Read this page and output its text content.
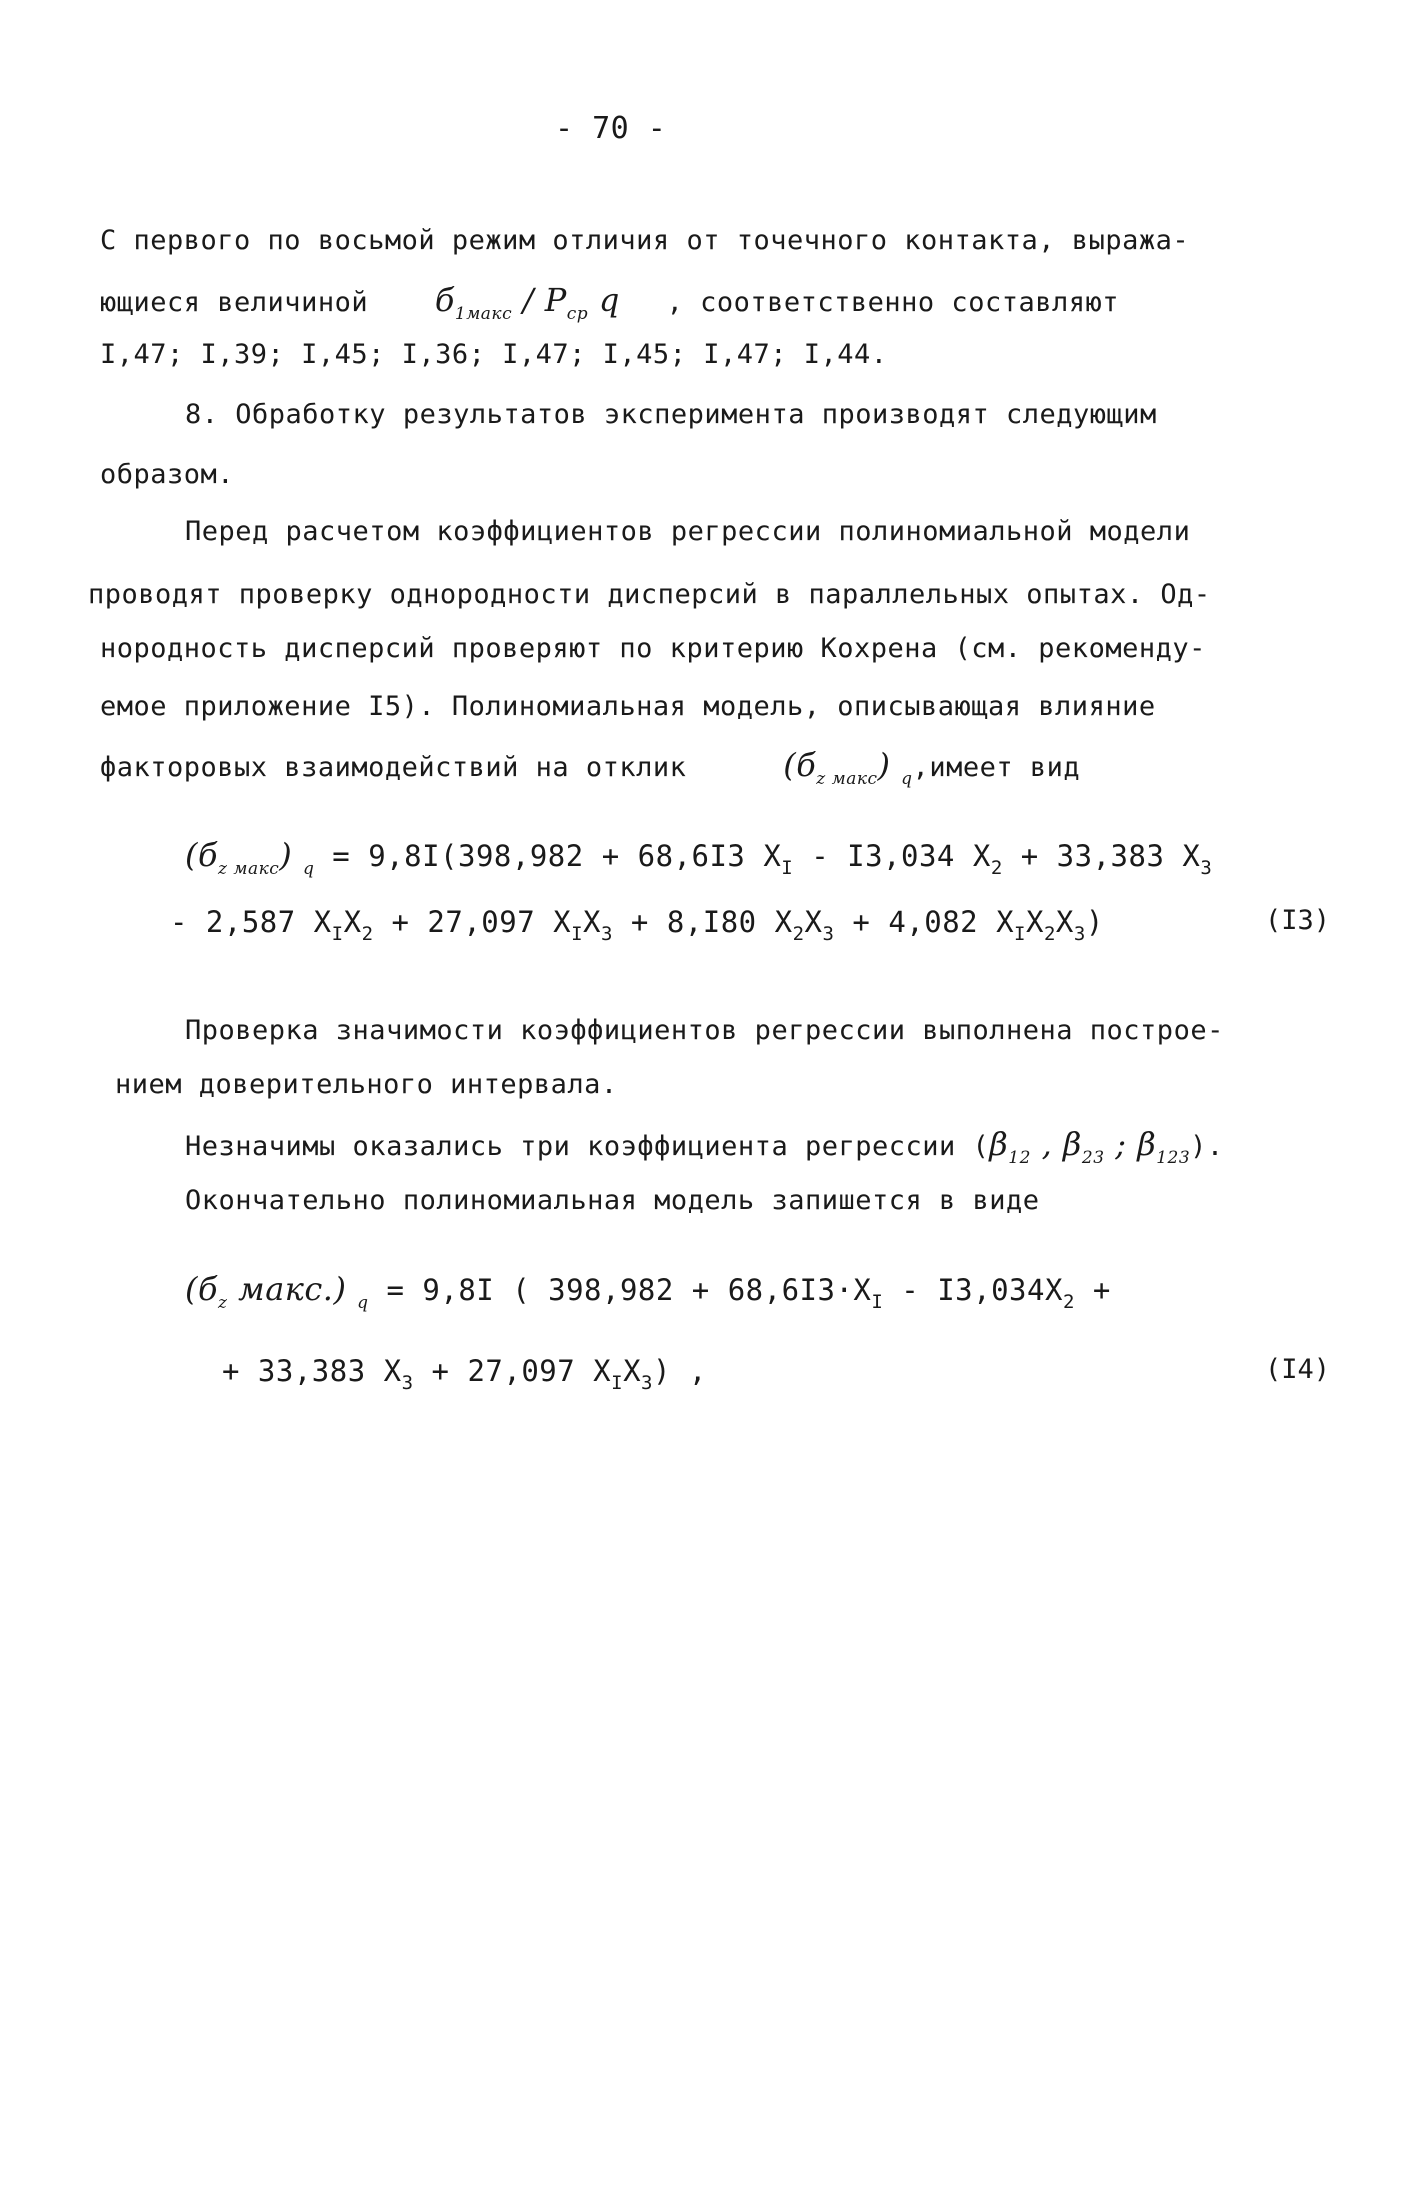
- 70 -
С первого по восьмой режим отличия от точечного контакта, выража-
ющиеся величиной $б_{1макс} / P_{ср}$ q , соответственно составляют
I,47; I,39; I,45; I,36; I,47; I,45; I,47; I,44.
8. Обработку результатов эксперимента производят следующим
образом.
Перед расчетом коэффициентов регрессии полиномиальной модели
проводят проверку однородности дисперсий в параллельных опытах. Од-
нородность дисперсий проверяют по критерию Кохрена (см. рекоменду-
емое приложение I5). Полиномиальная модель, описывающая влияние
факторовых взаимодействий на отклик	$(б_{z макс})$ $_q$,имеет вид
$(б_{z макс}) _q = 9,8I(398,982 + 68,6I3$ $X_I - I3,034$ $X_2 + 33,383$ $X_3$
- 2,587 $X_IX_2 + 27,097$ $X_IX_3 + 8,I80$ $X_2X_3 + 4,082$ $X_IX_2X_3$)	(I3)
Проверка значимости коэффициентов регрессии выполнена построе-
нием доверительного интервала.
Незначимы оказались три коэффициента регрессии ($\beta_{12}$ , $\beta_{23}$ ; $\beta_{123}$).
Окончательно полиномиальная модель запишется в виде
($б_z$ макс.) $_q$ = 9,8I ( $398,982 + 68,6I3\cdot X_I - I3,034X_2$ +
+ 33,383 $X_3 + 27,097$ $X_IX_3$) ,	(I4)
